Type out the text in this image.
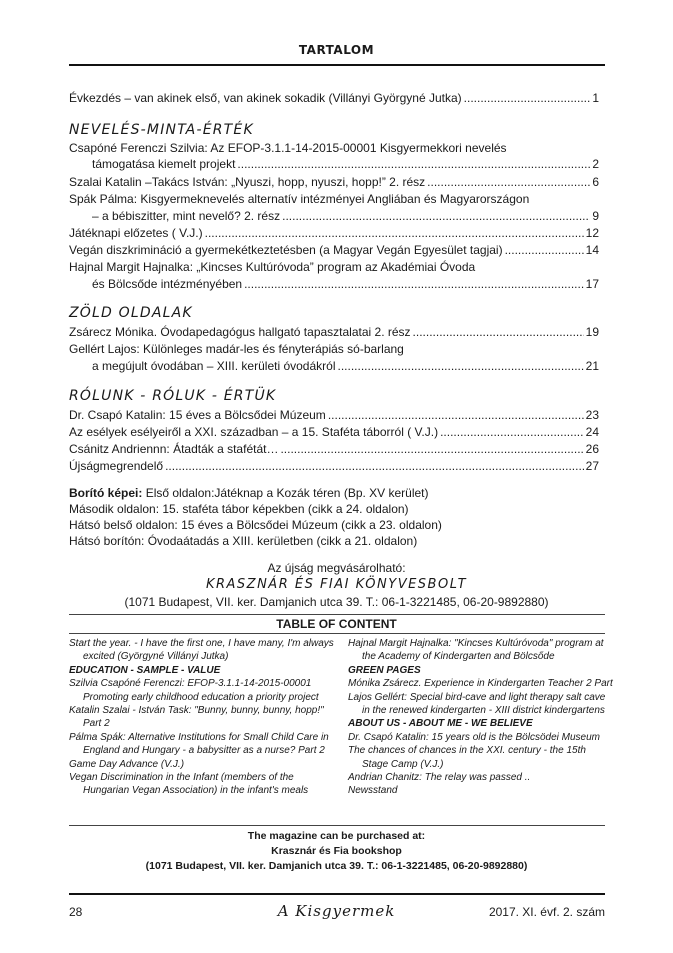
TARTALOM
Évkezdés – van akinek első, van akinek sokadik (Villányi Györgyné Jutka) .....	1
NEVELÉS-MINTA-ÉRTÉK
Csapóné Ferenczi Szilvia: Az EFOP-3.1.1-14-2015-00001 Kisgyermekkori nevelés
támogatása kiemelt projekt .....	2
Szalai Katalin –Takács István: „Nyuszi, hopp, nyuszi, hopp!” 2. rész .....	6
Spák Pálma: Kisgyermeknevelés alternatív intézményei Angliában és Magyarországon
– a bébiszitter, mint nevelő? 2. rész .....	9
Játéknapi előzetes ( V.J.) .....	12
Vegán diszkrimináció a gyermekétkeztetésben (a Magyar Vegán Egyesület tagjai) .....	14
Hajnal Margit Hajnalka: „Kincses Kultúróvoda” program az Akadémiai Óvoda
és Bölcsőde intézményében .....	17
ZÖLD OLDALAK
Zsárecz Mónika. Óvodapedagógus hallgató tapasztalatai 2. rész .....	19
Gellért Lajos: Különleges madár-les és fényterápiás só-barlang
a megújult óvodában – XIII. kerületi óvodákról .....	21
RÓLUNK - RÓLUK - ÉRTÜK
Dr. Csapó Katalin: 15 éves a Bölcsődei Múzeum .....	23
Az esélyek esélyeiről a XXI. században – a 15. Staféta táborról ( V.J.) .....	24
Csánitz Andriennn: Átadták a stafétát… .....	26
Újságmegrendelő .....	27
Borító képei: Első oldalon:Játéknap a Kozák téren (Bp. XV kerület)
Második oldalon: 15. staféta tábor képekben (cikk a 24. oldalon)
Hátsó belső oldalon: 15 éves a Bölcsődei Múzeum (cikk a 23. oldalon)
Hátsó borítón: Óvodaátadás a XIII. kerületben (cikk a 21. oldalon)
Az újság megvásárolható:
KRASZNÁR ÉS FIAI KÖNYVESBOLT
(1071 Budapest, VII. ker. Damjanich utca 39. T.: 06-1-3221485, 06-20-9892880)
TABLE OF CONTENT

Start the year. - I have the first one, I have many, I'm always excited (Györgyné Villányi Jutka)

EDUCATION - SAMPLE - VALUE

Szilvia Csapóné Ferenczi: EFOP-3.1.1-14-2015-00001 Promoting early childhood education a priority project

Katalin Szalai - István Task: "Bunny, bunny, bunny, hopp!" Part 2

Pálma Spák: Alternative Institutions for Small Child Care in England and Hungary - a babysitter as a nurse? Part 2

Game Day Advance (V.J.)

Vegan Discrimination in the Infant (members of the Hungarian Vegan Association) in the infant's meals

Hajnal Margit Hajnalka: "Kincses Kultúróvoda" program at the Academy of Kindergarten and Bölcsőde

GREEN PAGES

Mónika Zsárecz. Experience in Kindergarten Teacher 2 Part

Lajos Gellért: Special bird-cave and light therapy salt cave in the renewed kindergarten - XIII district kindergartens

ABOUT US - ABOUT ME - WE BELIEVE

Dr. Csapó Katalin: 15 years old is the Bölcsödei Museum

The chances of chances in the XXI. century - the 15th Stage Camp (V.J.)

Andrian Chanitz: The relay was passed ..

Newsstand

The magazine can be purchased at:
Krasznár és Fia bookshop
(1071 Budapest, VII. ker. Damjanich utca 39. T.: 06-1-3221485, 06-20-9892880)
28	A Kisgyermek	2017. XI. évf. 2. szám
